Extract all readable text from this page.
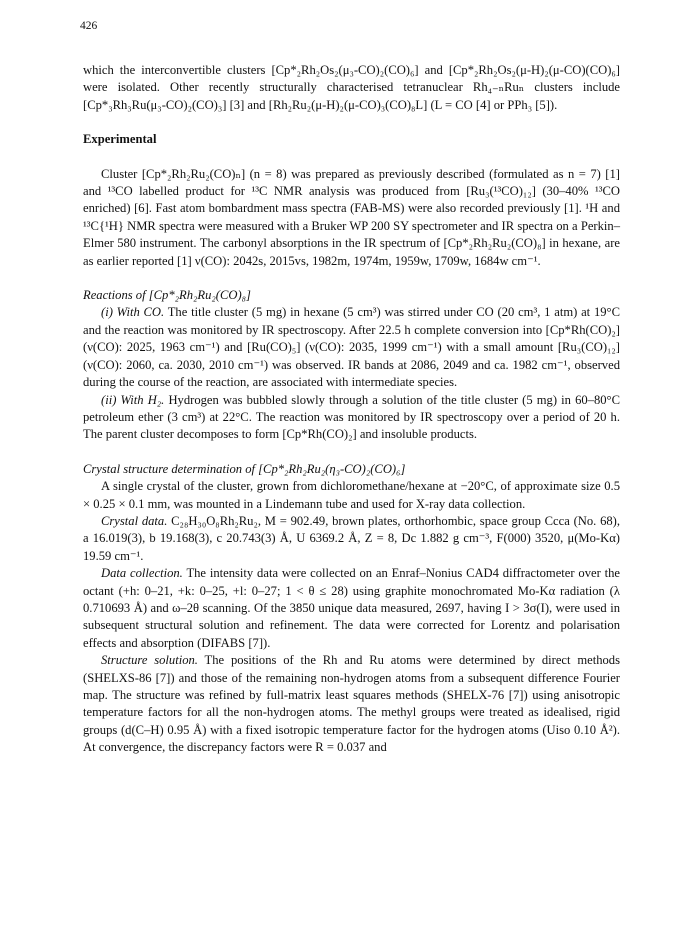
426

which the interconvertible clusters [Cp*₂Rh₂Os₂(μ₃-CO)₂(CO)₆] and [Cp*₂Rh₂Os₂(μ-H)₂(μ-CO)(CO)₆] were isolated. Other recently structurally characterised tetranuclear Rh₄₋ₙRuₙ clusters include [Cp*₃Rh₃Ru(μ₃-CO)₂(CO)₃] [3] and [Rh₂Ru₂(μ-H)₂(μ-CO)₃(CO)₈L] (L = CO [4] or PPh₃ [5]).

Experimental

Cluster [Cp*₂Rh₂Ru₂(CO)ₙ] (n = 8) was prepared as previously described (formulated as n = 7) [1] and ¹³CO labelled product for ¹³C NMR analysis was produced from [Ru₃(¹³CO)₁₂] (30–40% ¹³CO enriched) [6]. Fast atom bombardment mass spectra (FAB-MS) were also recorded previously [1]. ¹H and ¹³C{¹H} NMR spectra were measured with a Bruker WP 200 SY spectrometer and IR spectra on a Perkin–Elmer 580 instrument. The carbonyl absorptions in the IR spectrum of [Cp*₂Rh₂Ru₂(CO)₈] in hexane, are as earlier reported [1] ν(CO): 2042s, 2015vs, 1982m, 1974m, 1959w, 1709w, 1684w cm⁻¹.

Reactions of [Cp*₂Rh₂Ru₂(CO)₈]

(i) With CO. The title cluster (5 mg) in hexane (5 cm³) was stirred under CO (20 cm³, 1 atm) at 19°C and the reaction was monitored by IR spectroscopy. After 22.5 h complete conversion into [Cp*Rh(CO)₂] (ν(CO): 2025, 1963 cm⁻¹) and [Ru(CO)₅] (ν(CO): 2035, 1999 cm⁻¹) with a small amount [Ru₃(CO)₁₂] (ν(CO): 2060, ca. 2030, 2010 cm⁻¹) was observed. IR bands at 2086, 2049 and ca. 1982 cm⁻¹, observed during the course of the reaction, are associated with intermediate species.

(ii) With H₂. Hydrogen was bubbled slowly through a solution of the title cluster (5 mg) in 60–80°C petroleum ether (3 cm³) at 22°C. The reaction was monitored by IR spectroscopy over a period of 20 h. The parent cluster decomposes to form [Cp*Rh(CO)₂] and insoluble products.

Crystal structure determination of [Cp*₂Rh₂Ru₂(η₃-CO)₂(CO)₆]

A single crystal of the cluster, grown from dichloromethane/hexane at −20°C, of approximate size 0.5 × 0.25 × 0.1 mm, was mounted in a Lindemann tube and used for X-ray data collection.

Crystal data. C₂₈H₃₀O₈Rh₂Ru₂, M = 902.49, brown plates, orthorhombic, space group Ccca (No. 68), a 16.019(3), b 19.168(3), c 20.743(3) Å, U 6369.2 Å, Z = 8, Dc 1.882 g cm⁻³, F(000) 3520, μ(Mo-Kα) 19.59 cm⁻¹.

Data collection. The intensity data were collected on an Enraf–Nonius CAD4 diffractometer over the octant (+h: 0–21, +k: 0–25, +l: 0–27; 1 < θ ≤ 28) using graphite monochromated Mo-Kα radiation (λ 0.710693 Å) and ω–2θ scanning. Of the 3850 unique data measured, 2697, having I > 3σ(I), were used in subsequent structural solution and refinement. The data were corrected for Lorentz and polarisation effects and absorption (DIFABS [7]).

Structure solution. The positions of the Rh and Ru atoms were determined by direct methods (SHELXS-86 [7]) and those of the remaining non-hydrogen atoms from a subsequent difference Fourier map. The structure was refined by full-matrix least squares methods (SHELX-76 [7]) using anisotropic temperature factors for all the non-hydrogen atoms. The methyl groups were treated as idealised, rigid groups (d(C–H) 0.95 Å) with a fixed isotropic temperature factor for the hydrogen atoms (Uiso 0.10 Å²). At convergence, the discrepancy factors were R = 0.037 and
